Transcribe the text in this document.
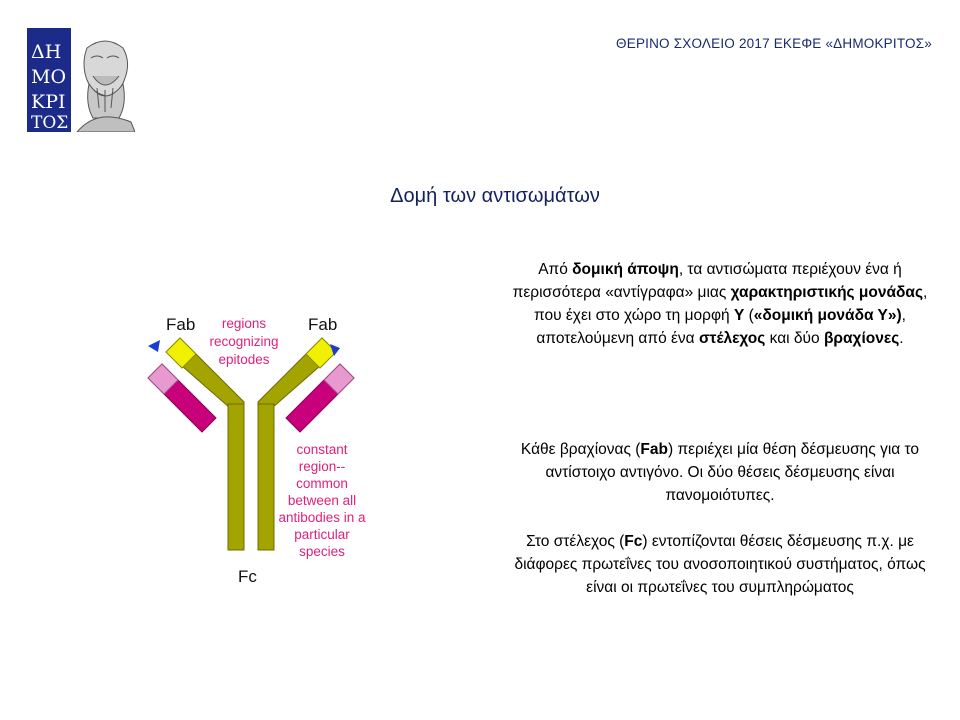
ΔΗ
ΜΟ
ΚΡΙ
ΤΟΣ
ΘΕΡΙΝΟ ΣΧΟΛΕΙΟ 2017 ΕΚΕΦΕ «ΔΗΜΟΚΡΙΤΟΣ»
Δομή των αντισωμάτων
Fab	Fab
Fc
regions
recognizing
epitodes
constant
region--
common
between all
antibodies in a
particular
species
Από δομική άποψη, τα αντισώματα περιέχουν ένα ή περισσότερα «αντίγραφα» μιας χαρακτηριστικής μονάδας, που έχει στο χώρο τη μορφή Υ («δομική μονάδα Υ»), αποτελούμενη από ένα στέλεχος και δύο βραχίονες.
Κάθε βραχίονας (Fab) περιέχει μία θέση δέσμευσης για το αντίστοιχο αντιγόνο. Οι δύο θέσεις δέσμευσης είναι πανομοιότυπες.
Στο στέλεχος (Fc) εντοπίζονται θέσεις δέσμευσης π.χ. με διάφορες πρωτεΐνες του ανοσοποιητικού συστήματος, όπως είναι οι πρωτεΐνες του συμπληρώματος
